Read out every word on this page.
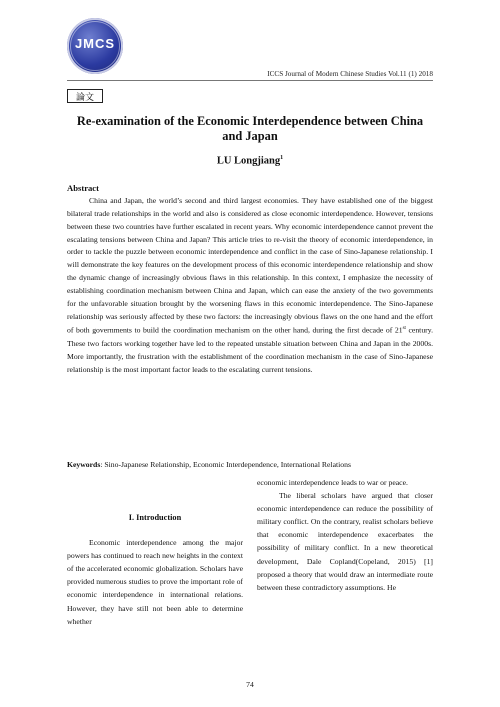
JMCS
ICCS Journal of Modern Chinese Studies Vol.11 (1) 2018
論文
Re-examination of the Economic Interdependence between China and Japan
LU Longjiang$^1$
Abstract

China and Japan, the world’s second and third largest economies. They have established one of the biggest bilateral trade relationships in the world and also is considered as close economic interdependence. However, tensions between these two countries have further escalated in recent years. Why economic interdependence cannot prevent the escalating tensions between China and Japan? This article tries to re-visit the theory of economic interdependence, in order to tackle the puzzle between economic interdependence and conflict in the case of Sino-Japanese relationship. I will demonstrate the key features on the development process of this economic interdependence relationship and show the dynamic change of increasingly obvious flaws in this relationship. In this context, I emphasize the necessity of establishing coordination mechanism between China and Japan, which can ease the anxiety of the two governments for the unfavorable situation brought by the worsening flaws in this economic interdependence. The Sino-Japanese relationship was seriously affected by these two factors: the increasingly obvious flaws on the one hand and the effort of both governments to build the coordination mechanism on the other hand, during the first decade of 21st century. These two factors working together have led to the repeated unstable situation between China and Japan in the 2000s. More importantly, the frustration with the establishment of the coordination mechanism in the case of Sino-Japanese relationship is the most important factor leads to the escalating current tensions.

Keywords: Sino-Japanese Relationship, Economic Interdependence, International Relations
I. Introduction

Economic interdependence among the major powers has continued to reach new heights in the context of the accelerated economic globalization. Scholars have provided numerous studies to prove the important role of economic interdependence in international relations. However, they have still not been able to determine whether

economic interdependence leads to war or peace.

The liberal scholars have argued that closer economic interdependence can reduce the possibility of military conflict. On the contrary, realist scholars believe that economic interdependence exacerbates the possibility of military conflict. In a new theoretical development, Dale Copland(Copeland, 2015) [1] proposed a theory that would draw an intermediate route between these contradictory assumptions. He

74
